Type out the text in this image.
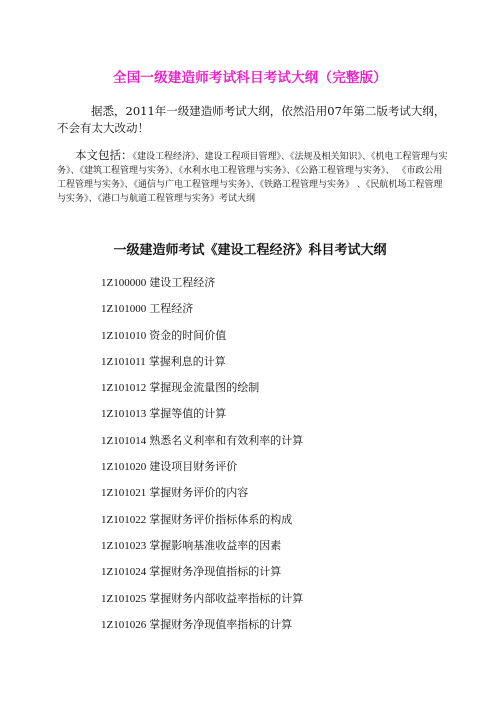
全国一级建造师考试科目考试大纲（完整版）

据悉，2011年一级建造师考试大纲，依然沿用07年第二版考试大纲，不会有太大改动！

本文包括：《建设工程经济》、建设工程项目管理》、《法规及相关知识》、《机电工程管理与实务》、《建筑工程管理与实务》、《水利水电工程管理与实务》、《公路工程管理与实务》、 《市政公用工程管理与实务》、《通信与广电工程管理与实务》、《铁路工程管理与实务》 、《民航机场工程管理与实务》、《港口与航道工程管理与实务》考试大纲

一级建造师考试《建设工程经济》科目考试大纲
1Z100000 建设工程经济
1Z101000 工程经济
1Z101010 资金的时间价值
1Z101011 掌握利息的计算
1Z101012 掌握现金流量图的绘制
1Z101013 掌握等值的计算
1Z101014 熟悉名义利率和有效利率的计算
1Z101020 建设项目财务评价
1Z101021 掌握财务评价的内容
1Z101022 掌握财务评价指标体系的构成
1Z101023 掌握影响基准收益率的因素
1Z101024 掌握财务净现值指标的计算
1Z101025 掌握财务内部收益率指标的计算
1Z101026 掌握财务净现值率指标的计算
